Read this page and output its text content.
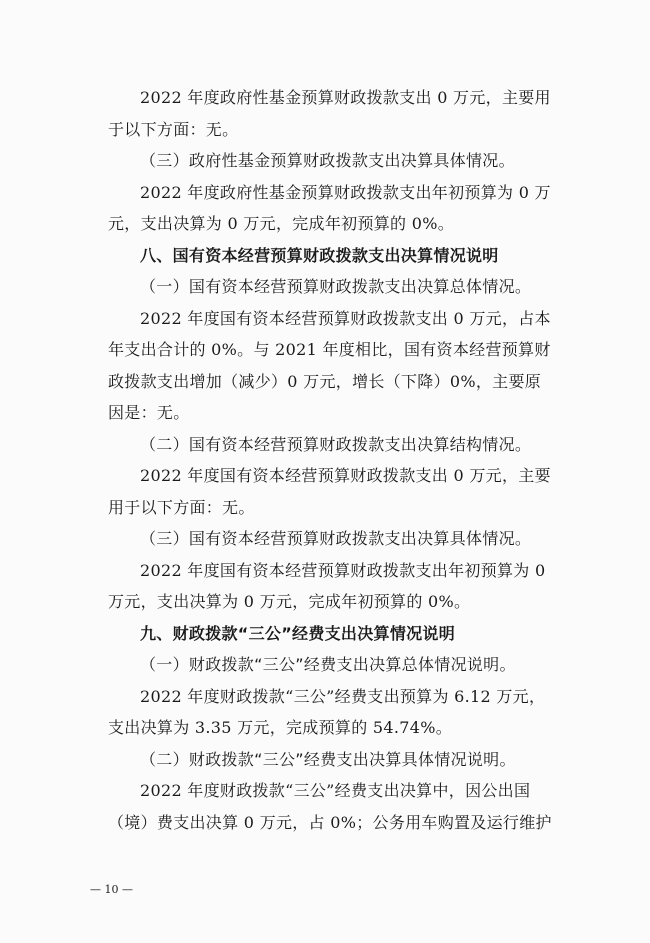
2022 年度政府性基金预算财政拨款支出 0 万元，主要用
于以下方面：无。
（三）政府性基金预算财政拨款支出决算具体情况。
2022 年度政府性基金预算财政拨款支出年初预算为 0 万
元，支出决算为 0 万元，完成年初预算的 0%。
八、国有资本经营预算财政拨款支出决算情况说明
（一）国有资本经营预算财政拨款支出决算总体情况。
2022 年度国有资本经营预算财政拨款支出 0 万元，占本
年支出合计的 0%。与 2021 年度相比，国有资本经营预算财
政拨款支出增加（减少）0 万元，增长（下降）0%，主要原
因是：无。
（二）国有资本经营预算财政拨款支出决算结构情况。
2022 年度国有资本经营预算财政拨款支出 0 万元，主要
用于以下方面：无。
（三）国有资本经营预算财政拨款支出决算具体情况。
2022 年度国有资本经营预算财政拨款支出年初预算为 0
万元，支出决算为 0 万元，完成年初预算的 0%。
九、财政拨款“三公”经费支出决算情况说明
（一）财政拨款“三公”经费支出决算总体情况说明。
2022 年度财政拨款“三公”经费支出预算为 6.12 万元，
支出决算为 3.35 万元，完成预算的 54.74%。
（二）财政拨款“三公”经费支出决算具体情况说明。
2022 年度财政拨款“三公”经费支出决算中，因公出国
（境）费支出决算 0 万元，占 0%；公务用车购置及运行维护
— 10 —
